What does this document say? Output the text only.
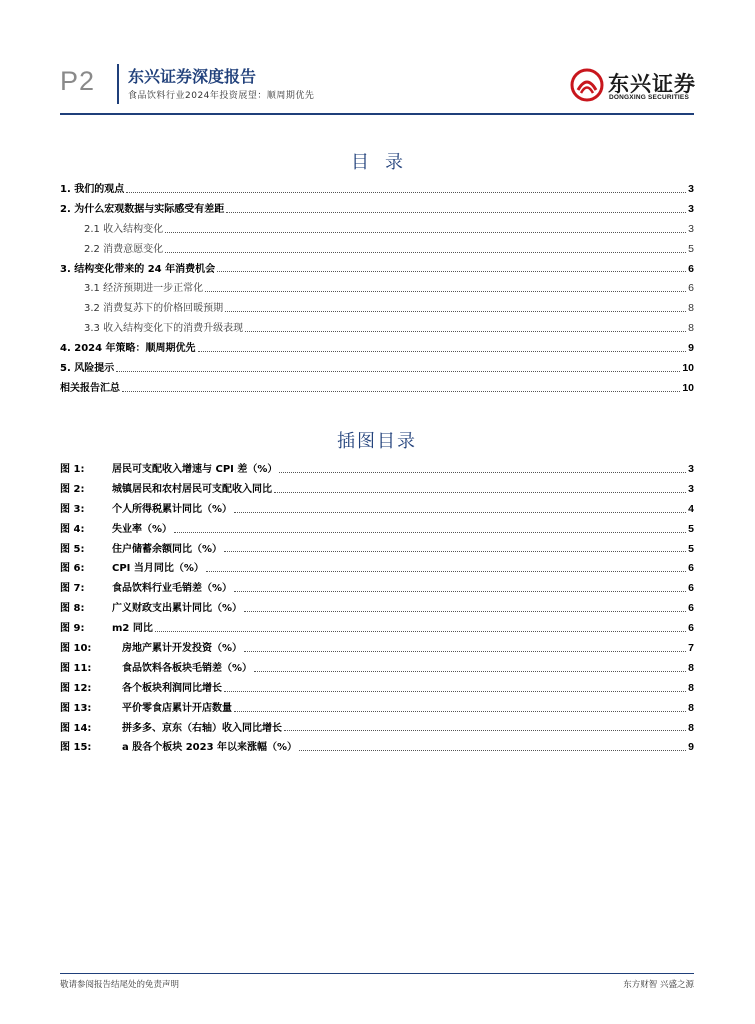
P2 东兴证券深度报告
食品饮料行业2024年投资展望：顺周期优先	东兴证券
DONGXING SECURITIES
目录
1. 我们的观点	3
2. 为什么宏观数据与实际感受有差距	3
2.1 收入结构变化	3
2.2 消费意愿变化	5
3. 结构变化带来的 24 年消费机会	6
3.1 经济预期进一步正常化	6
3.2 消费复苏下的价格回暖预期	8
3.3 收入结构变化下的消费升级表现	8
4. 2024 年策略：顺周期优先	9
5. 风险提示	10
相关报告汇总	10
插图目录
图 1:	居民可支配收入增速与 CPI 差（%）	3
图 2:	城镇居民和农村居民可支配收入同比	3
图 3:	个人所得税累计同比（%）	4
图 4:	失业率（%）	5
图 5:	住户储蓄余额同比（%）	5
图 6:	CPI 当月同比（%）	6
图 7:	食品饮料行业毛销差（%）	6
图 8:	广义财政支出累计同比（%）	6
图 9:	m2 同比	6
图 10:	房地产累计开发投资（%）	7
图 11:	食品饮料各板块毛销差（%）	8
图 12:	各个板块利润同比增长	8
图 13:	平价零食店累计开店数量	8
图 14:	拼多多、京东（右轴）收入同比增长	8
图 15:	a 股各个板块 2023 年以来涨幅（%）	9
敬请参阅报告结尾处的免责声明	东方财智 兴盛之源
